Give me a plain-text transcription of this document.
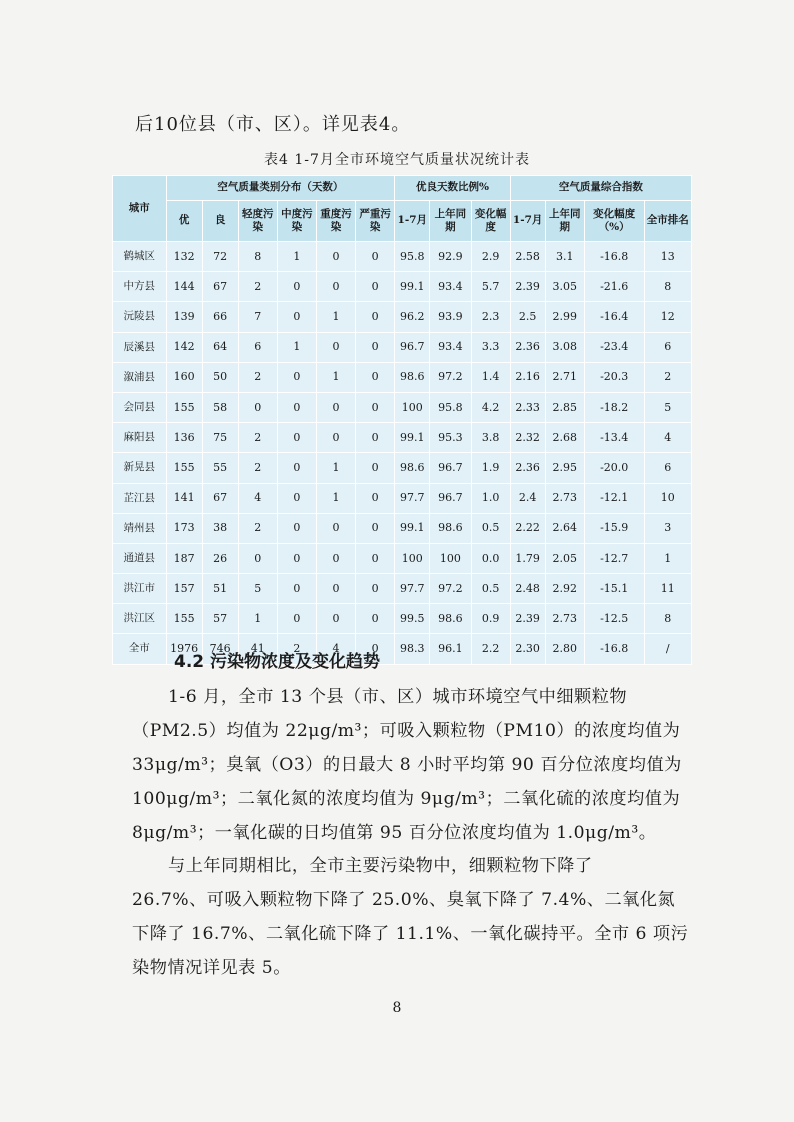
后10位县（市、区）。详见表4。
表4 1-7月全市环境空气质量状况统计表
城市	空气质量类别分布（天数）						优良天数比例%			空气质量综合指数			
	优	良	轻度污染	中度污染	重度污染	严重污染	1-7月	上年同期	变化幅度	1-7月	上年同期	变化幅度（%）	全市排名
鹤城区	132	72	8	1	0	0	95.8	92.9	2.9	2.58	3.1	-16.8	13
中方县	144	67	2	0	0	0	99.1	93.4	5.7	2.39	3.05	-21.6	8
沅陵县	139	66	7	0	1	0	96.2	93.9	2.3	2.5	2.99	-16.4	12
辰溪县	142	64	6	1	0	0	96.7	93.4	3.3	2.36	3.08	-23.4	6
溆浦县	160	50	2	0	1	0	98.6	97.2	1.4	2.16	2.71	-20.3	2
会同县	155	58	0	0	0	0	100	95.8	4.2	2.33	2.85	-18.2	5
麻阳县	136	75	2	0	0	0	99.1	95.3	3.8	2.32	2.68	-13.4	4
新晃县	155	55	2	0	1	0	98.6	96.7	1.9	2.36	2.95	-20.0	6
芷江县	141	67	4	0	1	0	97.7	96.7	1.0	2.4	2.73	-12.1	10
靖州县	173	38	2	0	0	0	99.1	98.6	0.5	2.22	2.64	-15.9	3
通道县	187	26	0	0	0	0	100	100	0.0	1.79	2.05	-12.7	1
洪江市	157	51	5	0	0	0	97.7	97.2	0.5	2.48	2.92	-15.1	11
洪江区	155	57	1	0	0	0	99.5	98.6	0.9	2.39	2.73	-12.5	8
全市	1976	746	41	2	4	0	98.3	96.1	2.2	2.30	2.80	-16.8	/
4.2 污染物浓度及变化趋势
1-6 月，全市 13 个县（市、区）城市环境空气中细颗粒物
（PM2.5）均值为 22μg/m³；可吸入颗粒物（PM10）的浓度均值为
33μg/m³；臭氧（O3）的日最大 8 小时平均第 90 百分位浓度均值为
100μg/m³；二氧化氮的浓度均值为 9μg/m³；二氧化硫的浓度均值为
8μg/m³；一氧化碳的日均值第 95 百分位浓度均值为 1.0μg/m³。
与上年同期相比，全市主要污染物中，细颗粒物下降了
26.7%、可吸入颗粒物下降了 25.0%、臭氧下降了 7.4%、二氧化氮
下降了 16.7%、二氧化硫下降了 11.1%、一氧化碳持平。全市 6 项污
染物情况详见表 5。
8
